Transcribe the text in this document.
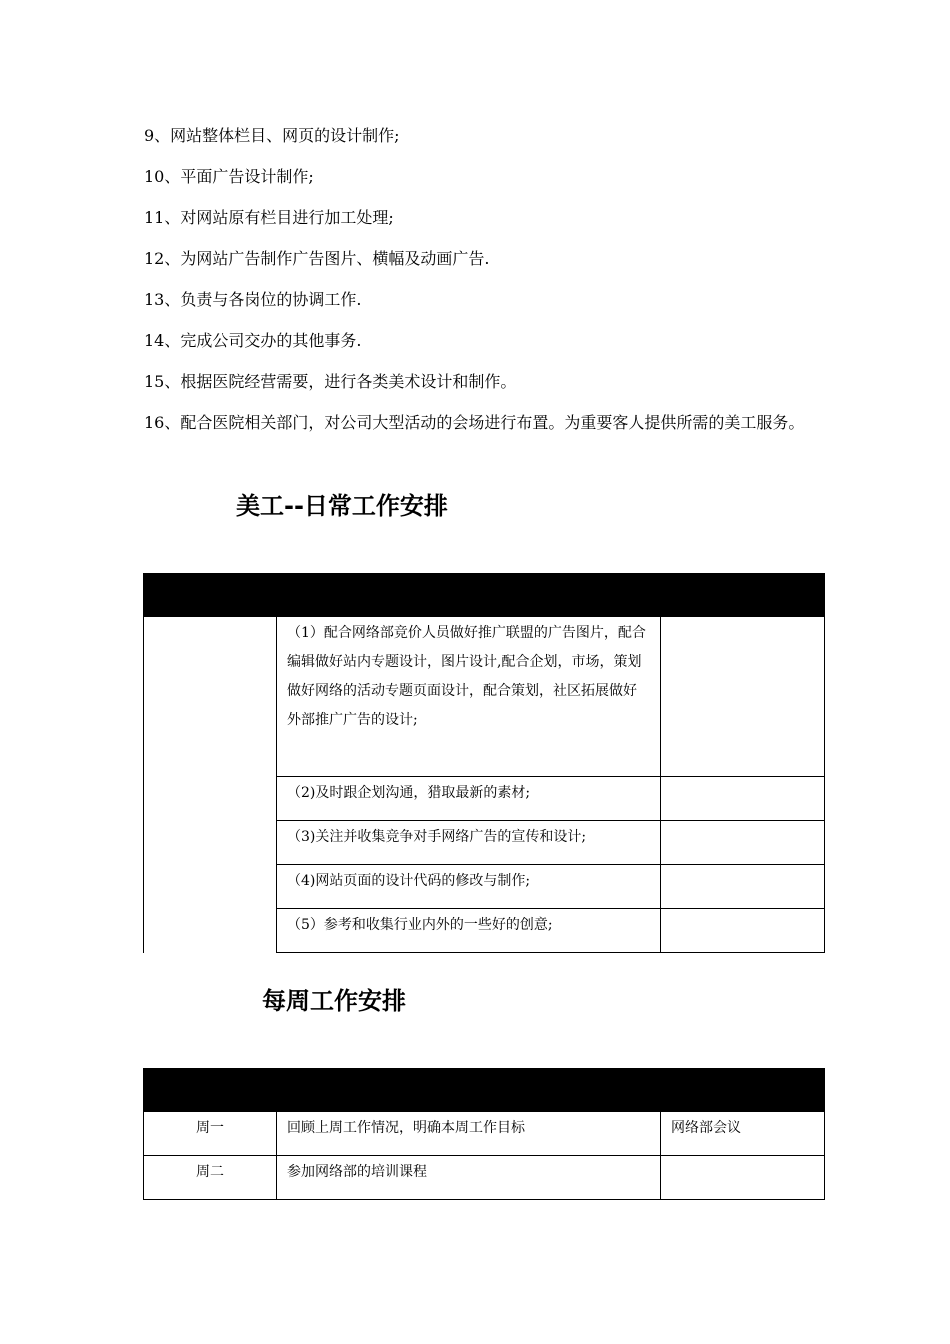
9、网站整体栏目、网页的设计制作;
10、平面广告设计制作;
11、对网站原有栏目进行加工处理;
12、为网站广告制作广告图片、横幅及动画广告.
13、负责与各岗位的协调工作.
14、完成公司交办的其他事务.
15、根据医院经营需要，进行各类美术设计和制作。
16、配合医院相关部门，对公司大型活动的会场进行布置。为重要客人提供所需的美工服务。
美工--日常工作安排

	（1）配合网络部竞价人员做好推广联盟的广告图片，配合编辑做好站内专题设计，图片设计,配合企划，市场，策划做好网络的活动专题页面设计，配合策划，社区拓展做好外部推广广告的设计;	

	（2)及时跟企划沟通，猎取最新的素材;	

	（3)关注并收集竞争对手网络广告的宣传和设计;	

	（4)网站页面的设计代码的修改与制作;	

	（5）参考和收集行业内外的一些好的创意;	

每周工作安排

周一	回顾上周工作情况，明确本周工作目标	网络部会议

周二	参加网络部的培训课程	
